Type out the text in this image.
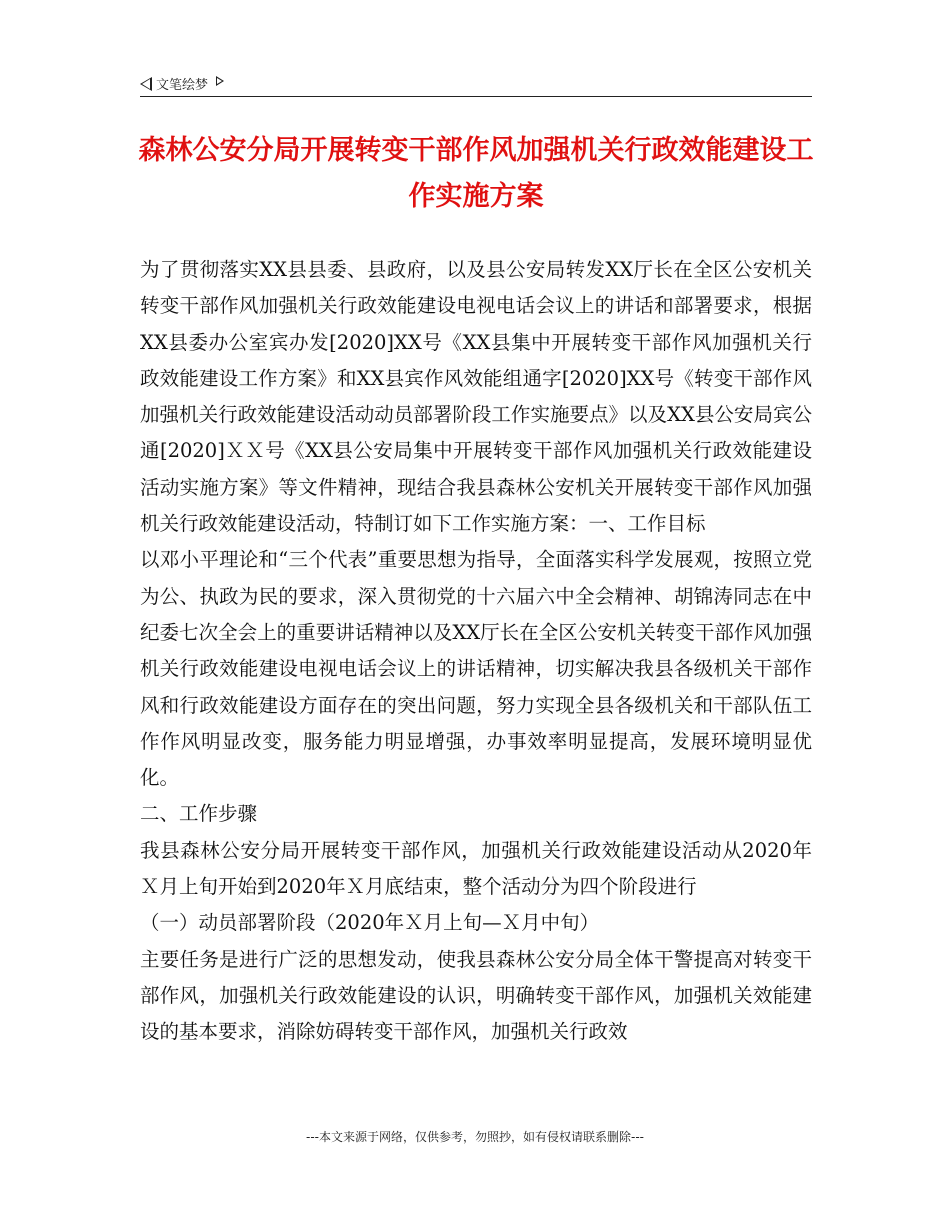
文笔绘梦
森林公安分局开展转变干部作风加强机关行政效能建设工作实施方案

为了贯彻落实XX县县委、县政府，以及县公安局转发XX厅长在全区公安机关转变干部作风加强机关行政效能建设电视电话会议上的讲话和部署要求，根据XX县委办公室宾办发[2020]XX号《XX县集中开展转变干部作风加强机关行政效能建设工作方案》和XX县宾作风效能组通字[2020]XX号《转变干部作风加强机关行政效能建设活动动员部署阶段工作实施要点》以及XX县公安局宾公通[2020]ＸＸ号《XX县公安局集中开展转变干部作风加强机关行政效能建设活动实施方案》等文件精神，现结合我县森林公安机关开展转变干部作风加强机关行政效能建设活动，特制订如下工作实施方案：一、工作目标

以邓小平理论和“三个代表”重要思想为指导，全面落实科学发展观，按照立党为公、执政为民的要求，深入贯彻党的十六届六中全会精神、胡锦涛同志在中纪委七次全会上的重要讲话精神以及XX厅长在全区公安机关转变干部作风加强机关行政效能建设电视电话会议上的讲话精神，切实解决我县各级机关干部作风和行政效能建设方面存在的突出问题，努力实现全县各级机关和干部队伍工作作风明显改变，服务能力明显增强，办事效率明显提高，发展环境明显优化。

二、工作步骤

我县森林公安分局开展转变干部作风，加强机关行政效能建设活动从2020年Ｘ月上旬开始到2020年Ｘ月底结束，整个活动分为四个阶段进行

（一）动员部署阶段（2020年Ｘ月上旬—Ｘ月中旬）

主要任务是进行广泛的思想发动，使我县森林公安分局全体干警提高对转变干部作风，加强机关行政效能建设的认识，明确转变干部作风，加强机关效能建设的基本要求，消除妨碍转变干部作风，加强机关行政效

---本文来源于网络，仅供参考，勿照抄，如有侵权请联系删除---
